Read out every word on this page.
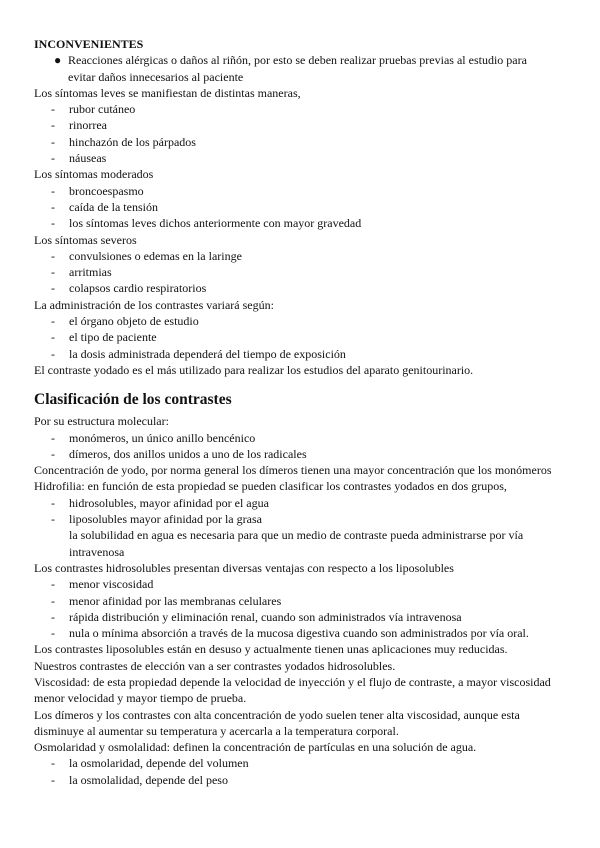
INCONVENIENTES

● Reacciones alérgicas o daños al riñón, por esto se deben realizar pruebas previas al estudio para

evitar daños innecesarios al paciente

Los síntomas leves se manifiestan de distintas maneras,

- rubor cutáneo

- rinorrea

- hinchazón de los párpados

- náuseas

Los síntomas moderados

- broncoespasmo

- caída de la tensión

- los síntomas leves dichos anteriormente con mayor gravedad

Los síntomas severos

- convulsiones o edemas en la laringe

- arritmias

- colapsos cardio respiratorios

La administración de los contrastes variará según:

- el órgano objeto de estudio

- el tipo de paciente

- la dosis administrada dependerá del tiempo de exposición

El contraste yodado es el más utilizado para realizar los estudios del aparato genitourinario.

Clasificación de los contrastes

Por su estructura molecular:

- monómeros, un único anillo bencénico

- dímeros, dos anillos unidos a uno de los radicales

Concentración de yodo, por norma general los dímeros tienen una mayor concentración que los monómeros

Hidrofilia: en función de esta propiedad se pueden clasificar los contrastes yodados en dos grupos,

- hidrosolubles, mayor afinidad por el agua

- liposolubles mayor afinidad por la grasa

la solubilidad en agua es necesaria para que un medio de contraste pueda administrarse por vía intravenosa

Los contrastes hidrosolubles presentan diversas ventajas con respecto a los liposolubles

- menor viscosidad

- menor afinidad por las membranas celulares

- rápida distribución y eliminación renal, cuando son administrados vía intravenosa

- nula o mínima absorción a través de la mucosa digestiva cuando son administrados por vía oral.

Los contrastes liposolubles están en desuso y actualmente tienen unas aplicaciones muy reducidas.

Nuestros contrastes de elección van a ser contrastes yodados hidrosolubles.

Viscosidad: de esta propiedad depende la velocidad de inyección y el flujo de contraste, a mayor viscosidad menor velocidad y mayor tiempo de prueba.

Los dímeros y los contrastes con alta concentración de yodo suelen tener alta viscosidad, aunque esta disminuye al aumentar su temperatura y acercarla a la temperatura corporal.

Osmolaridad y osmolalidad: definen la concentración de partículas en una solución de agua.

- la osmolaridad, depende del volumen

- la osmolalidad, depende del peso
